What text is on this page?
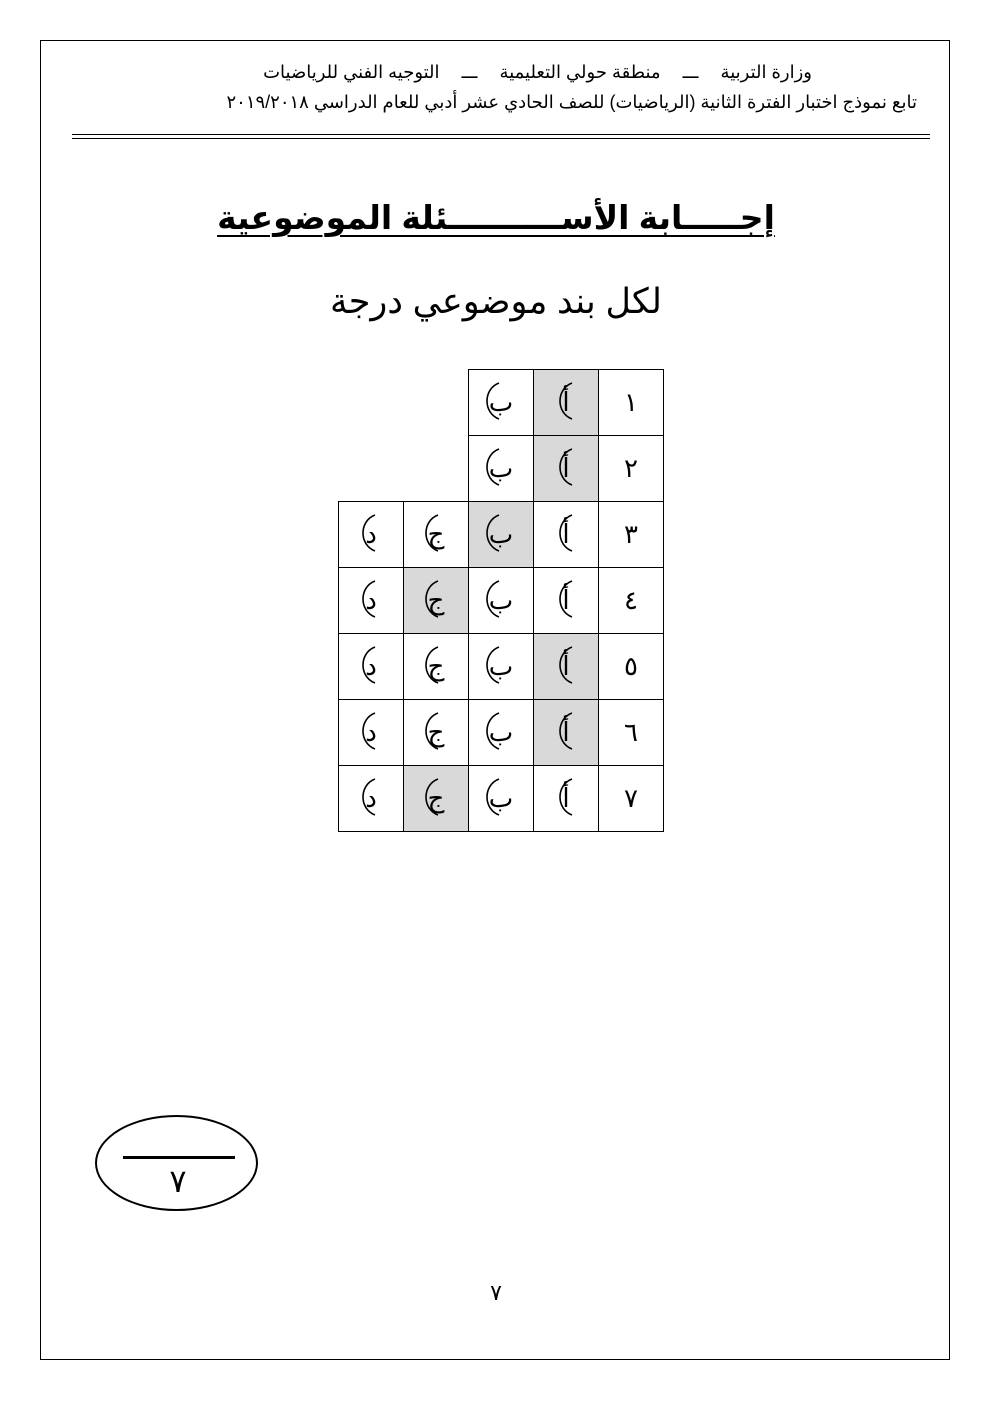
وزارة التربيةـــمنطقة حولي التعليميةـــالتوجيه الفني للرياضيات
تابع نموذج اختبار الفترة الثانية (الرياضيات) للصف الحادي عشر أدبي للعام الدراسي ٢٠١٩/٢٠١٨
إجـــــابة الأســــــــــئلة الموضوعية
لكل بند موضوعي درجة
١	أ	ب

٢	أ	ب

٣	أ	ب	ج	د

٤	أ	ب	ج	د

٥	أ	ب	ج	د

٦	أ	ب	ج	د

٧	أ	ب	ج	د
٧
٧
